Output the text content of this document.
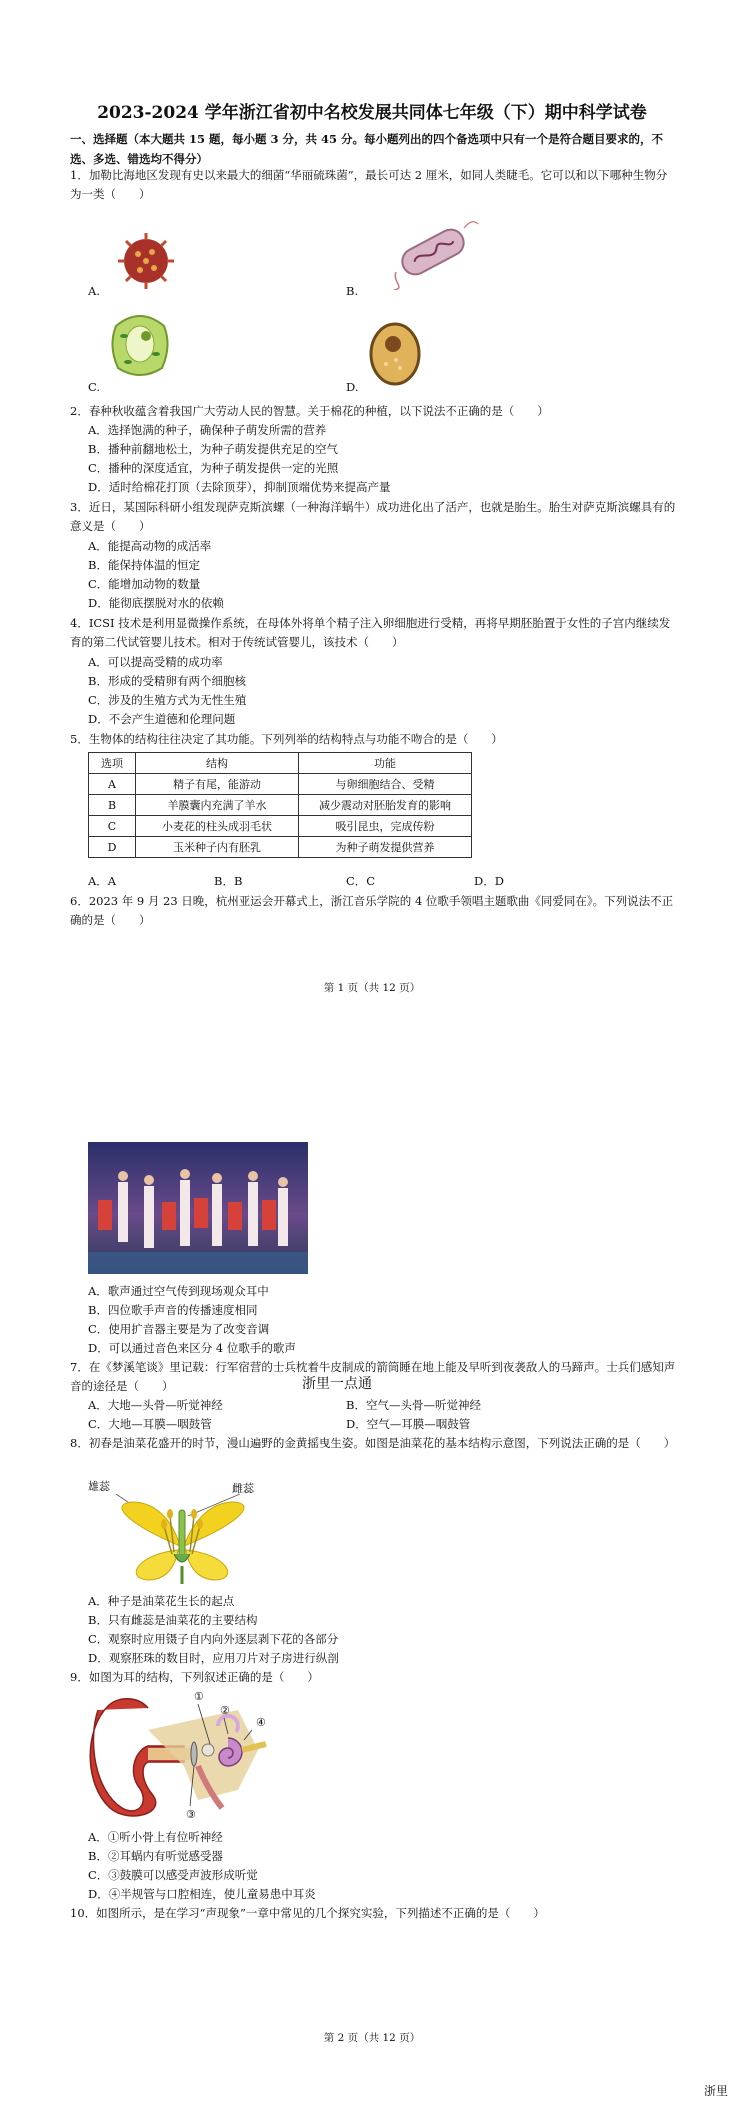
2023-2024 学年浙江省初中名校发展共同体七年级（下）期中科学试卷
一、选择题（本大题共 15 题，每小题 3 分，共 45 分。每小题列出的四个备选项中只有一个是符合题目要求的，不选、多选、错选均不得分）
1．加勒比海地区发现有史以来最大的细菌“华丽硫珠菌”，最长可达 2 厘米，如同人类睫毛。它可以和以下哪种生物分为一类（　　）
A.	B.
C.	D.
2．春种秋收蕴含着我国广大劳动人民的智慧。关于棉花的种植，以下说法不正确的是（　　）
A．选择饱满的种子，确保种子萌发所需的营养
B．播种前翻地松土，为种子萌发提供充足的空气
C．播种的深度适宜，为种子萌发提供一定的光照
D．适时给棉花打顶（去除顶芽），抑制顶端优势来提高产量
3．近日，某国际科研小组发现萨克斯滨螺（一种海洋蜗牛）成功进化出了活产，也就是胎生。胎生对萨克斯滨螺具有的意义是（　　）
A．能提高动物的成活率
B．能保持体温的恒定
C．能增加动物的数量
D．能彻底摆脱对水的依赖
4．ICSI 技术是利用显微操作系统，在母体外将单个精子注入卵细胞进行受精，再将早期胚胎置于女性的子宫内继续发育的第二代试管婴儿技术。相对于传统试管婴儿，该技术（　　）
A．可以提高受精的成功率
B．形成的受精卵有两个细胞核
C．涉及的生殖方式为无性生殖
D．不会产生道德和伦理问题
5．生物体的结构往往决定了其功能。下列列举的结构特点与功能不吻合的是（　　）
选项	结构	功能
A	精子有尾，能游动	与卵细胞结合、受精
B	羊膜囊内充满了羊水	减少震动对胚胎发育的影响
C	小麦花的柱头成羽毛状	吸引昆虫，完成传粉
D	玉米种子内有胚乳	为种子萌发提供营养
A．A	B．B	C．C	D．D
6．2023 年 9 月 23 日晚，杭州亚运会开幕式上，浙江音乐学院的 4 位歌手领唱主题歌曲《同爱同在》。下列说法不正确的是（　　）
第 1 页（共 12 页）
A．歌声通过空气传到现场观众耳中
B．四位歌手声音的传播速度相同
C．使用扩音器主要是为了改变音调
D．可以通过音色来区分 4 位歌手的歌声
7．在《梦溪笔谈》里记载：行军宿营的士兵枕着牛皮制成的箭筒睡在地上能及早听到夜袭敌人的马蹄声。士兵们感知声音的途径是（　　）	浙里一点通
A．大地—头骨—听觉神经	B．空气—头骨—听觉神经
C．大地—耳膜—咽鼓管	D．空气—耳膜—咽鼓管
8．初春是油菜花盛开的时节，漫山遍野的金黄摇曳生姿。如图是油菜花的基本结构示意图，下列说法正确的是（　　）
雄蕊	雌蕊
A．种子是油菜花生长的起点
B．只有雌蕊是油菜花的主要结构
C．观察时应用镊子自内向外逐层剥下花的各部分
D．观察胚珠的数目时，应用刀片对子房进行纵剖
9．如图为耳的结构，下列叙述正确的是（　　）
①
②
③
④
A．①听小骨上有位听神经
B．②耳蜗内有听觉感受器
C．③鼓膜可以感受声波形成听觉
D．④半规管与口腔相连，使儿童易患中耳炎
10．如图所示，是在学习“声现象”一章中常见的几个探究实验，下列描述不正确的是（　　）
第 2 页（共 12 页）
浙里
